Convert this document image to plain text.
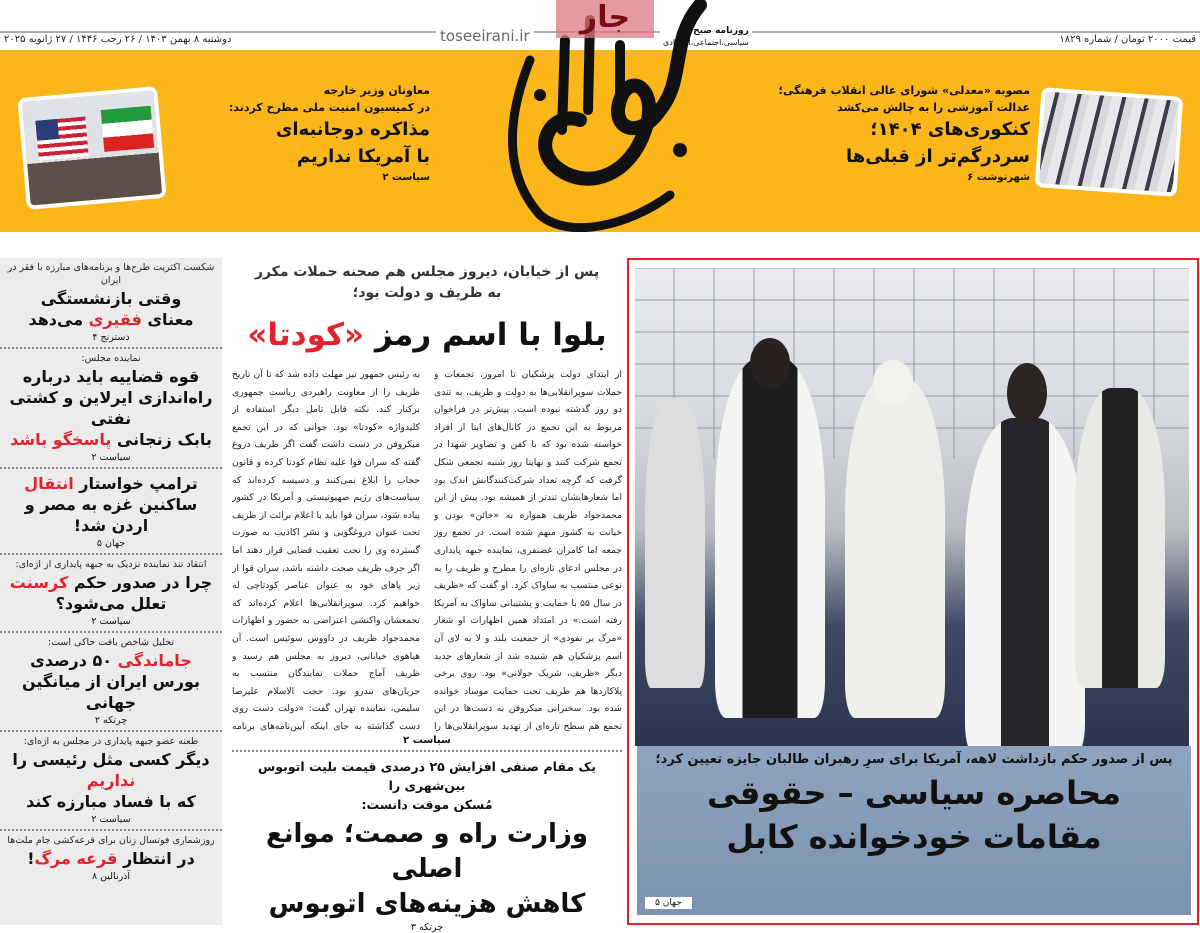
دوشنبه ۸ بهمن ۱۴۰۳ / ۲۶ رجب ۱۴۴۶ / ۲۷ ژانویه ۲۰۲۵	قیمت ۲۰۰۰ تومان / شماره ۱۸۲۹
toseeirani.ir	روزنامه صبح
سیاسی،اجتماعی،اقتصادی
جار
معاونان وزیر خارجه
در کمیسیون امنیت ملی مطرح کردند:
مذاکره دوجانبه‌ای
با آمریکا نداریم
سیاست ۲
مصوبه «معدلی» شورای عالی انقلاب فرهنگی؛
عدالت آموزشی را به چالش می‌کشد
کنکوری‌های ۱۴۰۴؛
سردرگم‌تر از قبلی‌ها
شهرنوشت ۶
شکست اکثریت طرح‌ها و برنامه‌های مبارزه با فقر در ایران
وقتی بازنشستگی
معنای فقیری می‌دهد
دسترنج ۴
نماینده مجلس:
قوه قضاییه باید درباره
راه‌اندازی ایرلاین و کشتی نفتی
بابک زنجانی پاسخگو باشد
سیاست ۲
ترامپ خواستار انتقال
ساکنین غزه به مصر و اردن شد!
جهان ۵
انتقاد تند نماینده نزدیک به جبهه پایداری از اژه‌ای:
چرا در صدور حکم کرسنت
تعلل می‌شود؟
سیاست ۲
تحلیل شاخص بافت حاکی است:
جاماندگی ۵۰ درصدی
بورس ایران از میانگین جهانی
چرتکه ۲
طعنه عضو جبهه پایداری در مجلس به اژه‌ای:
دیگر کسی مثل رئیسی را نداریم
که با فساد مبارزه کند
سیاست ۲
روزشماری فوتسال زنان برای قرعه‌کشی جام ملت‌ها
در انتظار قرعه مرگ!
آذرنالین ۸
پس از خیابان، دیروز مجلس هم صحنه حملات مکرر
به ظریف و دولت بود؛
بلوا با اسم رمز «کودتا»
از ابتدای دولت پزشکیان تا امروز، تجمعات و حملات سوپرانقلابی‌ها به دولت و ظریف، به تندی دو روز گذشته نبوده است. پیش‌تر در فراخوان مربوط به این تجمع در کانال‌های ایتا از افراد خواسته شده بود که با کفن و تصاویر شهدا در تجمع شرکت کنند و نهایتا روز شنبه تجمعی شکل گرفت که گرچه تعداد شرکت‌کنندگانش اندک بود اما شعارهایشان تندتر از همیشه بود. پیش از این محمدجواد ظریف همواره به «خائن» بودن و خیانت به کشور متهم شده است. در تجمع روز جمعه اما کامران غضنفری، نماینده جبهه پایداری در مجلس ادعای تازه‌ای را مطرح و ظریف را به نوعی منتسب به ساواک کرد. او گفت که «ظریف در سال ۵۵ با حمایت و پشتیبانی ساواک به آمریکا رفته است.» در امتداد همین اظهارات او شعار «مرگ بر نفوذی» از جمعیت بلند و لا به لای آن اسم پزشکیان هم شنیده شد از شعارهای جدید دیگر «ظریف، شریک جولانی» بود. روی برخی پلاکاردها هم ظریف تحت حمایت موساد خوانده شده بود. سخنرانی میکروفن به دست‌ها در این تجمع هم سطح تازه‌ای از تهدید سوپرانقلابی‌ها را
به رئیس جمهور نیز مهلت داده شد که تا آن تاریخ ظریف را از معاونت راهبردی ریاست جمهوری برکنار کند. نکته قابل تامل دیگر استفاده از کلیدواژه «کودتا» بود. جوانی که در این تجمع میکروفن در دست داشت گفت اگر ظریف دروغ گفته که سران قوا علیه نظام کودتا کرده و قانون حجاب را ابلاغ نمی‌کنند و دسیسه کرده‌اند که سیاست‌های رژیم صهیونیستی و آمریکا در کشور پیاده شود، سران قوا باید با اعلام برائت از ظریف تحت عنوان دروغگویی و نشر اکاذیب به صورت گسترده وی را تحت تعقیب قضایی قرار دهند اما اگر حرف ظریف صحت داشته باشد، سران قوا از زیر پاهای خود به عنوان عناصر کودتاچی له خواهیم کرد. سوپرانقلابی‌ها اعلام کرده‌اند که تجمعشان واکنشی اعتراضی به حضور و اظهارات محمدجواد ظریف در داووس سوئیس است. آن هیاهوی خیابانی، دیروز به مجلس هم رسید و ظریف آماج حملات نمایندگان منتسب به جریان‌های تندرو بود. حجت الاسلام علیرضا سلیمی، نماینده تهران گفت: «دولت دست روی دست گذاشته به جای اینکه آیین‌نامه‌های برنامه
سیاست ۲
یک مقام صنفی افزایش ۲۵ درصدی قیمت بلیت اتوبوس بین‌شهری را
مُسکن موقت دانست:
وزارت راه و صمت؛ موانع اصلی
کاهش هزینه‌های اتوبوس
چرتکه ۳
پس از صدور حکم بازداشت لاهه، آمریکا برای سرِ رهبران طالبان جایزه تعیین کرد؛
محاصره سیاسی – حقوقی
مقامات خودخوانده کابل
جهان ۵
